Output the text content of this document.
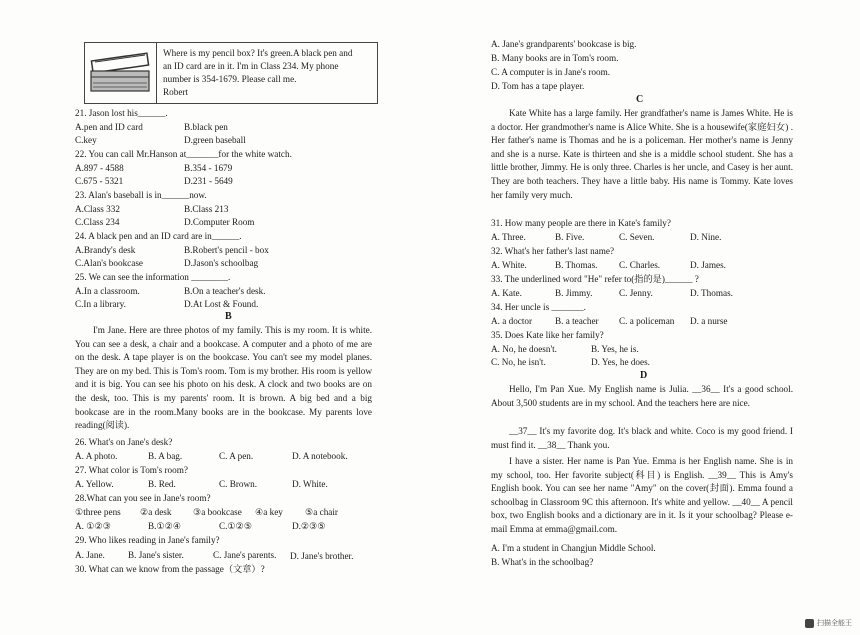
Where is my pencil box? It's green.A black pen and
an ID card are in it. I'm in Class 234. My phone
number is 354-1679. Please call me.
Robert
21. Jason lost his______.
A.pen and ID card	B.black pen
C.key	D.green baseball
22. You can call Mr.Hanson at_______for the white watch.
A.897 - 4588	B.354 - 1679
C.675 - 5321	D.231 - 5649
23. Alan's baseball is in______now.
A.Class 332	B.Class 213
C.Class 234	D.Computer Room
24. A black pen and an ID card are in______.
A.Brandy's desk	B.Robert's pencil - box
C.Alan's bookcase	D.Jason's schoolbag
25. We can see the information ________.
A.In a classroom.	B.On a teacher's desk.
C.In a library.	D.At Lost & Found.
B
I'm Jane. Here are three photos of my family. This is my room. It is white. You can see a desk, a chair and a bookcase. A computer and a photo of me are on the desk. A tape player is on the bookcase. You can't see my model planes. They are on my bed. This is Tom's room. Tom is my brother. His room is yellow and it is big. You can see his photo on his desk. A clock and two books are on the desk, too. This is my parents' room. It is brown. A big bed and a big bookcase are in the room.Many books are in the bookcase. My parents love reading(阅读).
26. What's on Jane's desk?
A. A photo.	B. A bag.	C. A pen.	D. A notebook.
27. What color is Tom's room?
A. Yellow.	B. Red.	C. Brown.	D. White.
28.What can you see in Jane's room?
①three pens ②a desk ③a bookcase ④a key ⑤a chair
A. ①②③	B.①②④	C.①②⑤	D.②③⑤
29. Who likes reading in Jane's family?
A. Jane.	B. Jane's sister.	C. Jane's parents. D. Jane's brother.
30. What can we know from the passage（文章）?
A. Jane's grandparents' bookcase is big.
B. Many books are in Tom's room.
C. A computer is in Jane's room.
D. Tom has a tape player.
C
Kate White has a large family. Her grandfather's name is James White. He is a doctor. Her grandmother's name is Alice White. She is a housewife(家庭妇女) . Her father's name is Thomas and he is a policeman. Her mother's name is Jenny and she is a nurse. Kate is thirteen and she is a middle school student. She has a little brother, Jimmy. He is only three. Charles is her uncle, and Casey is her aunt. They are both teachers. They have a little baby. His name is Tommy. Kate loves her family very much.
31. How many people are there in Kate's family?
A. Three.	B. Five.	C. Seven.	D. Nine.
32. What's her father's last name?
A. White.	B. Thomas. C. Charles.	D. James.
33. The underlined word "He" refer to(指的是)______ ?
A. Kate.	B. Jimmy.	C. Jenny.	D. Thomas.
34. Her uncle is _______.
A. a doctor B. a teacher C. a policeman D. a nurse
35. Does Kate like her family?
A. No, he doesn't.	B. Yes, he is.
C. No, he isn't.	D. Yes, he does.
D
Hello, I'm Pan Xue. My English name is Julia. __36__ It's a good school. About 3,500 students are in my school. And the teachers here are nice.
__37__ It's my favorite dog. It's black and white. Coco is my good friend. I must find it. __38__ Thank you.
I have a sister. Her name is Pan Yue. Emma is her English name. She is in my school, too. Her favorite subject(科目) is English. __39__ This is Amy's English book. You can see her name "Amy" on the cover(封面). Emma found a schoolbag in Classroom 9C this afternoon. It's white and yellow. __40__ A pencil box, two English books and a dictionary are in it. Is it your schoolbag? Please e-mail Emma at emma@gmail.com.
A. I'm a student in Changjun Middle School.
B. What's in the schoolbag?
扫描全能王
